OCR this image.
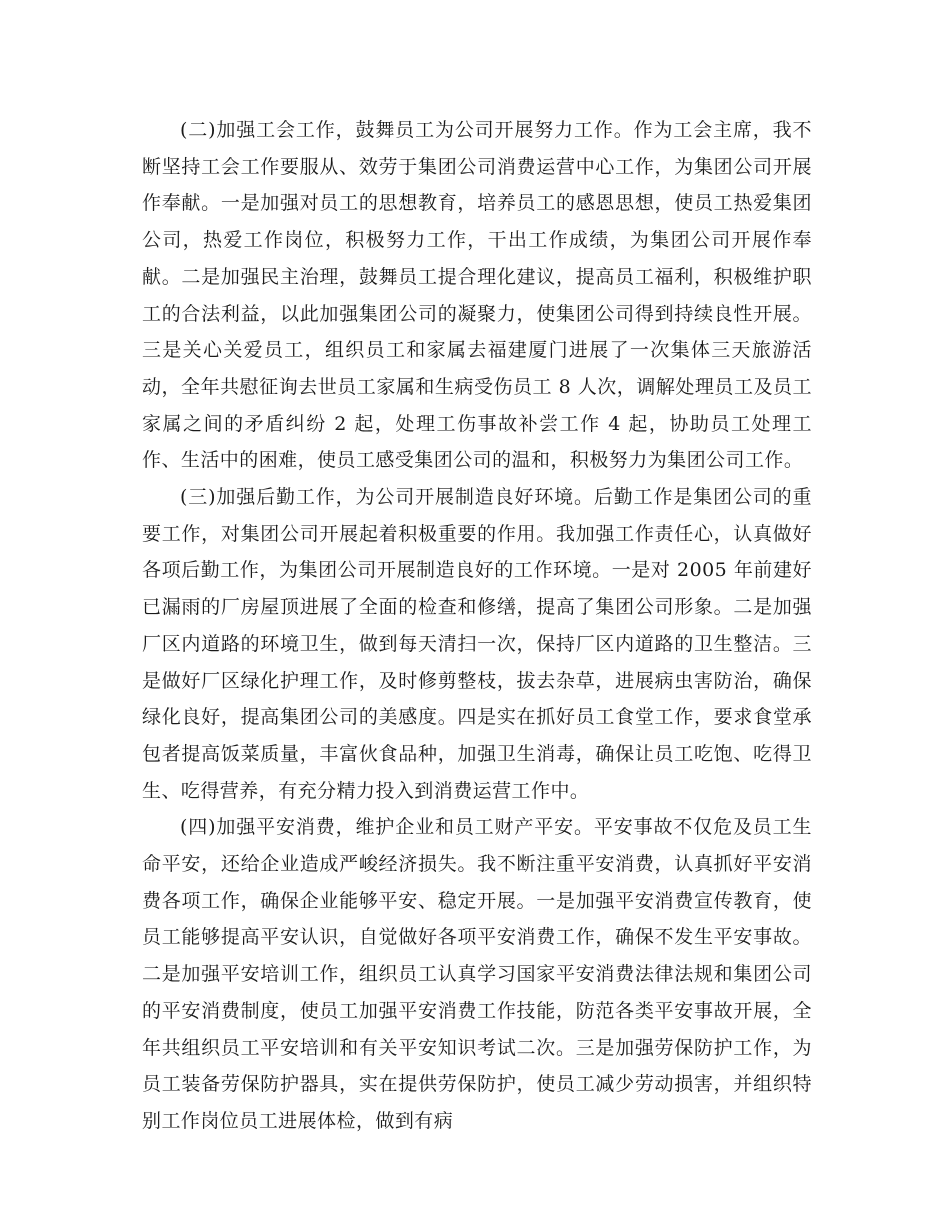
(二)加强工会工作，鼓舞员工为公司开展努力工作。作为工会主席，我不断坚持工会工作要服从、效劳于集团公司消费运营中心工作，为集团公司开展作奉献。一是加强对员工的思想教育，培养员工的感恩思想，使员工热爱集团公司，热爱工作岗位，积极努力工作，干出工作成绩，为集团公司开展作奉献。二是加强民主治理，鼓舞员工提合理化建议，提高员工福利，积极维护职工的合法利益，以此加强集团公司的凝聚力，使集团公司得到持续良性开展。三是关心关爱员工，组织员工和家属去福建厦门进展了一次集体三天旅游活动，全年共慰征询去世员工家属和生病受伤员工 8 人次，调解处理员工及员工家属之间的矛盾纠纷 2 起，处理工伤事故补尝工作 4 起，协助员工处理工作、生活中的困难，使员工感受集团公司的温和，积极努力为集团公司工作。

(三)加强后勤工作，为公司开展制造良好环境。后勤工作是集团公司的重要工作，对集团公司开展起着积极重要的作用。我加强工作责任心，认真做好各项后勤工作，为集团公司开展制造良好的工作环境。一是对 2005 年前建好已漏雨的厂房屋顶进展了全面的检查和修缮，提高了集团公司形象。二是加强厂区内道路的环境卫生，做到每天清扫一次，保持厂区内道路的卫生整洁。三是做好厂区绿化护理工作，及时修剪整枝，拔去杂草，进展病虫害防治，确保绿化良好，提高集团公司的美感度。四是实在抓好员工食堂工作，要求食堂承包者提高饭菜质量，丰富伙食品种，加强卫生消毒，确保让员工吃饱、吃得卫生、吃得营养，有充分精力投入到消费运营工作中。

(四)加强平安消费，维护企业和员工财产平安。平安事故不仅危及员工生命平安，还给企业造成严峻经济损失。我不断注重平安消费，认真抓好平安消费各项工作，确保企业能够平安、稳定开展。一是加强平安消费宣传教育，使员工能够提高平安认识，自觉做好各项平安消费工作，确保不发生平安事故。二是加强平安培训工作，组织员工认真学习国家平安消费法律法规和集团公司的平安消费制度，使员工加强平安消费工作技能，防范各类平安事故开展，全年共组织员工平安培训和有关平安知识考试二次。三是加强劳保防护工作，为员工装备劳保防护器具，实在提供劳保防护，使员工减少劳动损害，并组织特别工作岗位员工进展体检，做到有病
